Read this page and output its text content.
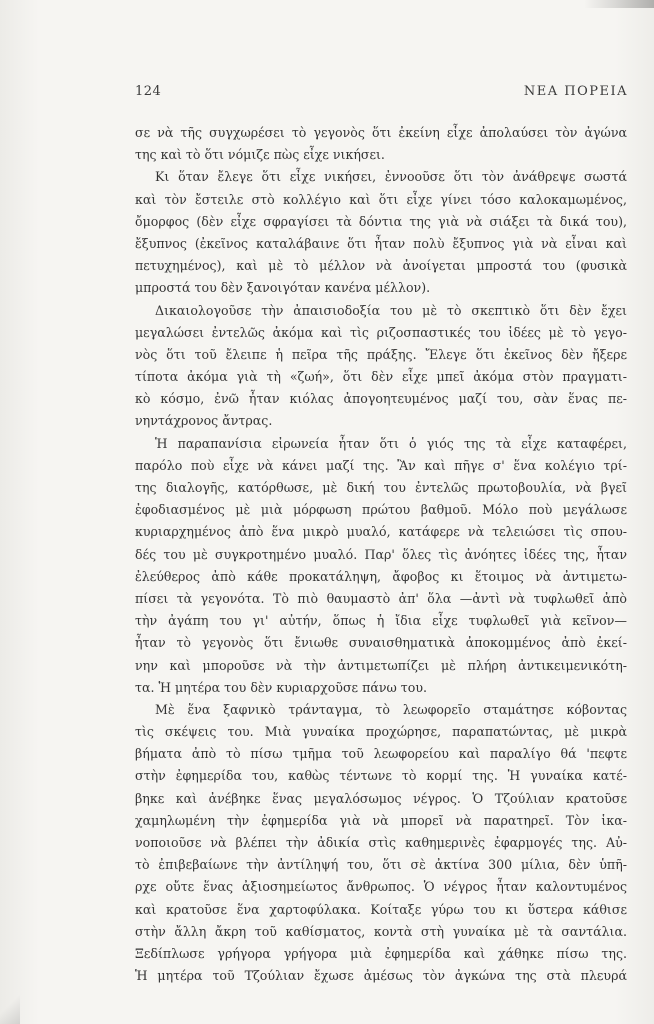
124	ΝΕΑ ΠΟΡΕΙΑ
σε νὰ τῆς συγχωρέσει τὸ γεγονὸς ὅτι ἐκείνη εἶχε ἀπολαύσει τὸν ἀγώνα
της καὶ τὸ ὅτι νόμιζε πὼς εἶχε νικήσει.
Κι ὅταν ἔλεγε ὅτι εἶχε νικήσει, ἐννοοῦσε ὅτι τὸν ἀνάθρεψε σωστά
καὶ τὸν ἔστειλε στὸ κολλέγιο καὶ ὅτι εἶχε γίνει τόσο καλοκαμωμένος,
ὄμορφος (δὲν εἶχε σφραγίσει τὰ δόντια της γιὰ νὰ σιάξει τὰ δικά του),
ἔξυπνος (ἐκεῖνος καταλάβαινε ὅτι ἦταν πολὺ ἔξυπνος γιὰ νὰ εἶναι καὶ
πετυχημένος), καὶ μὲ τὸ μέλλον νὰ ἀνοίγεται μπροστά του (φυσικὰ
μπροστά του δὲν ξανοιγόταν κανένα μέλλον).
Δικαιολογοῦσε τὴν ἀπαισιοδοξία του μὲ τὸ σκεπτικὸ ὅτι δὲν ἔχει
μεγαλώσει ἐντελῶς ἀκόμα καὶ τὶς ριζοσπαστικές του ἰδέες μὲ τὸ γεγο-
νὸς ὅτι τοῦ ἔλειπε ἡ πεῖρα τῆς πράξης. Ἔλεγε ὅτι ἐκεῖνος δὲν ἤξερε
τίποτα ἀκόμα γιὰ τὴ «ζωή», ὅτι δὲν εἶχε μπεῖ ἀκόμα στὸν πραγματι-
κὸ κόσμο, ἐνῶ ἦταν κιόλας ἀπογοητευμένος μαζί του, σὰν ἕνας πε-
νηντάχρονος ἄντρας.
Ἡ παραπανίσια εἰρωνεία ἦταν ὅτι ὁ γιός της τὰ εἶχε καταφέρει,
παρόλο ποὺ εἶχε νὰ κάνει μαζί της. Ἂν καὶ πῆγε σ' ἕνα κολέγιο τρί-
της διαλογῆς, κατόρθωσε, μὲ δική του ἐντελῶς πρωτοβουλία, νὰ βγεῖ
ἐφοδιασμένος μὲ μιὰ μόρφωση πρώτου βαθμοῦ. Μόλο ποὺ μεγάλωσε
κυριαρχημένος ἀπὸ ἕνα μικρὸ μυαλό, κατάφερε νὰ τελειώσει τὶς σπου-
δές του μὲ συγκροτημένο μυαλό. Παρ' ὅλες τὶς ἀνόητες ἰδέες της, ἦταν
ἐλεύθερος ἀπὸ κάθε προκατάληψη, ἄφοβος κι ἕτοιμος νὰ ἀντιμετω-
πίσει τὰ γεγονότα. Τὸ πιὸ θαυμαστὸ ἀπ' ὅλα —ἀντὶ νὰ τυφλωθεῖ ἀπὸ
τὴν ἀγάπη του γι' αὐτήν, ὅπως ἡ ἴδια εἶχε τυφλωθεῖ γιὰ κεῖνον—
ἦταν τὸ γεγονὸς ὅτι ἔνιωθε συναισθηματικὰ ἀποκομμένος ἀπὸ ἐκεί-
νην καὶ μποροῦσε νὰ τὴν ἀντιμετωπίζει μὲ πλήρη ἀντικειμενικότη-
τα. Ἡ μητέρα του δὲν κυριαρχοῦσε πάνω του.
Μὲ ἕνα ξαφνικὸ τράνταγμα, τὸ λεωφορεῖο σταμάτησε κόβοντας
τὶς σκέψεις του. Μιὰ γυναίκα προχώρησε, παραπατώντας, μὲ μικρὰ
βήματα ἀπὸ τὸ πίσω τμῆμα τοῦ λεωφορείου καὶ παραλίγο θά 'πεφτε
στὴν ἐφημερίδα του, καθὼς τέντωνε τὸ κορμί της. Ἡ γυναίκα κατέ-
βηκε καὶ ἀνέβηκε ἕνας μεγαλόσωμος νέγρος. Ὁ Τζούλιαν κρατοῦσε
χαμηλωμένη τὴν ἐφημερίδα γιὰ νὰ μπορεῖ νὰ παρατηρεῖ. Τὸν ἱκα-
νοποιοῦσε νὰ βλέπει τὴν ἀδικία στὶς καθημερινὲς ἐφαρμογές της. Αὐ-
τὸ ἐπιβεβαίωνε τὴν ἀντίληψή του, ὅτι σὲ ἀκτίνα 300 μίλια, δὲν ὑπῆ-
ρχε οὔτε ἕνας ἀξιοσημείωτος ἄνθρωπος. Ὁ νέγρος ἦταν καλοντυμένος
καὶ κρατοῦσε ἕνα χαρτοφύλακα. Κοίταξε γύρω του κι ὕστερα κάθισε
στὴν ἄλλη ἄκρη τοῦ καθίσματος, κοντὰ στὴ γυναίκα μὲ τὰ σαντάλια.
Ξεδίπλωσε γρήγορα γρήγορα μιὰ ἐφημερίδα καὶ χάθηκε πίσω της.
Ἡ μητέρα τοῦ Τζούλιαν ἔχωσε ἀμέσως τὸν ἀγκώνα της στὰ πλευρά
